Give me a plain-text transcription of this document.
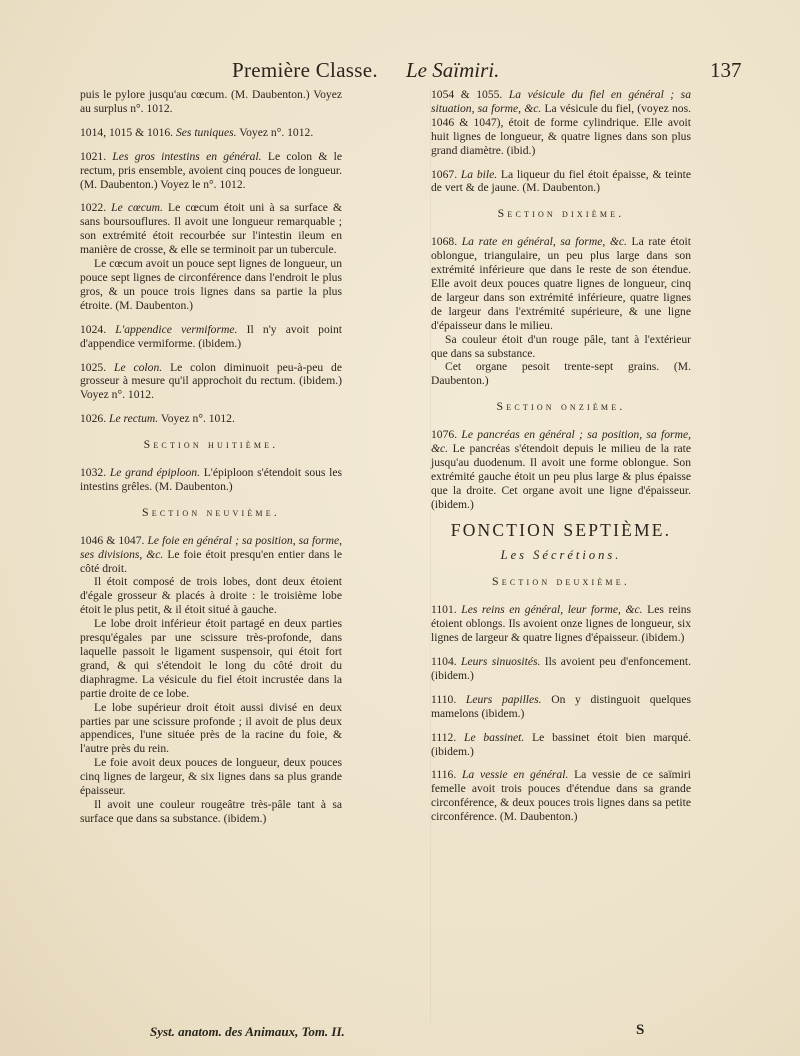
Première Classe. Le Saïmiri.	137

puis le pylore jusqu'au cœcum. (M. Daubenton.) Voyez au surplus n°. 1012.

1014, 1015 & 1016. Ses tuniques. Voyez n°. 1012.

1021. Les gros intestins en général. Le colon & le rectum, pris ensemble, avoient cinq pouces de longueur. (M. Daubenton.) Voyez le n°. 1012.

1022. Le cœcum. Le cœcum étoit uni à sa surface & sans boursouflures. Il avoit une longueur remarquable ; son extrémité étoit recourbée sur l'intestin ileum en manière de crosse, & elle se terminoit par un tubercule.

Le cœcum avoit un pouce sept lignes de longueur, un pouce sept lignes de circonférence dans l'endroit le plus gros, & un pouce trois lignes dans sa partie la plus étroite. (M. Daubenton.)

1024. L'appendice vermiforme. Il n'y avoit point d'appendice vermiforme. (ibidem.)

1025. Le colon. Le colon diminuoit peu-à-peu de grosseur à mesure qu'il approchoit du rectum. (ibidem.) Voyez n°. 1012.

1026. Le rectum. Voyez n°. 1012.

Section huitième.

1032. Le grand épiploon. L'épiploon s'étendoit sous les intestins grêles. (M. Daubenton.)

Section neuvième.

1046 & 1047. Le foie en général ; sa position, sa forme, ses divisions, &c. Le foie étoit presqu'en entier dans le côté droit.

Il étoit composé de trois lobes, dont deux étoient d'égale grosseur & placés à droite : le troisième lobe étoit le plus petit, & il étoit situé à gauche.

Le lobe droit inférieur étoit partagé en deux parties presqu'égales par une scissure très-profonde, dans laquelle passoit le ligament suspensoir, qui étoit fort grand, & qui s'étendoit le long du côté droit du diaphragme. La vésicule du fiel étoit incrustée dans la partie droite de ce lobe.

Le lobe supérieur droit étoit aussi divisé en deux parties par une scissure profonde ; il avoit de plus deux appendices, l'une située près de la racine du foie, & l'autre près du rein.

Le foie avoit deux pouces de longueur, deux pouces cinq lignes de largeur, & six lignes dans sa plus grande épaisseur.

Il avoit une couleur rougeâtre très-pâle tant à sa surface que dans sa substance. (ibidem.)

1054 & 1055. La vésicule du fiel en général ; sa situation, sa forme, &c. La vésicule du fiel, (voyez nos. 1046 & 1047), étoit de forme cylindrique. Elle avoit huit lignes de longueur, & quatre lignes dans son plus grand diamètre. (ibid.)

1067. La bile. La liqueur du fiel étoit épaisse, & teinte de vert & de jaune. (M. Daubenton.)

Section dixième.

1068. La rate en général, sa forme, &c. La rate étoit oblongue, triangulaire, un peu plus large dans son extrémité inférieure que dans le reste de son étendue. Elle avoit deux pouces quatre lignes de longueur, cinq de largeur dans son extrémité inférieure, quatre lignes de largeur dans l'extrémité supérieure, & une ligne d'épaisseur dans le milieu.

Sa couleur étoit d'un rouge pâle, tant à l'extérieur que dans sa substance.

Cet organe pesoit trente-sept grains. (M. Daubenton.)

Section onzième.

1076. Le pancréas en général ; sa position, sa forme, &c. Le pancréas s'étendoit depuis le milieu de la rate jusqu'au duodenum. Il avoit une forme oblongue. Son extrémité gauche étoit un peu plus large & plus épaisse que la droite. Cet organe avoit une ligne d'épaisseur. (ibidem.)

FONCTION SEPTIÈME.
Les Sécrétions.
Section deuxième.

1101. Les reins en général, leur forme, &c. Les reins étoient oblongs. Ils avoient onze lignes de longueur, six lignes de largeur & quatre lignes d'épaisseur. (ibidem.)

1104. Leurs sinuosités. Ils avoient peu d'enfoncement. (ibidem.)

1110. Leurs papilles. On y distinguoit quelques mamelons (ibidem.)

1112. Le bassinet. Le bassinet étoit bien marqué. (ibidem.)

1116. La vessie en général. La vessie de ce saïmiri femelle avoit trois pouces d'étendue dans sa grande circonférence, & deux pouces trois lignes dans sa petite circonférence. (M. Daubenton.)

Syst. anatom. des Animaux, Tom. II.	S
